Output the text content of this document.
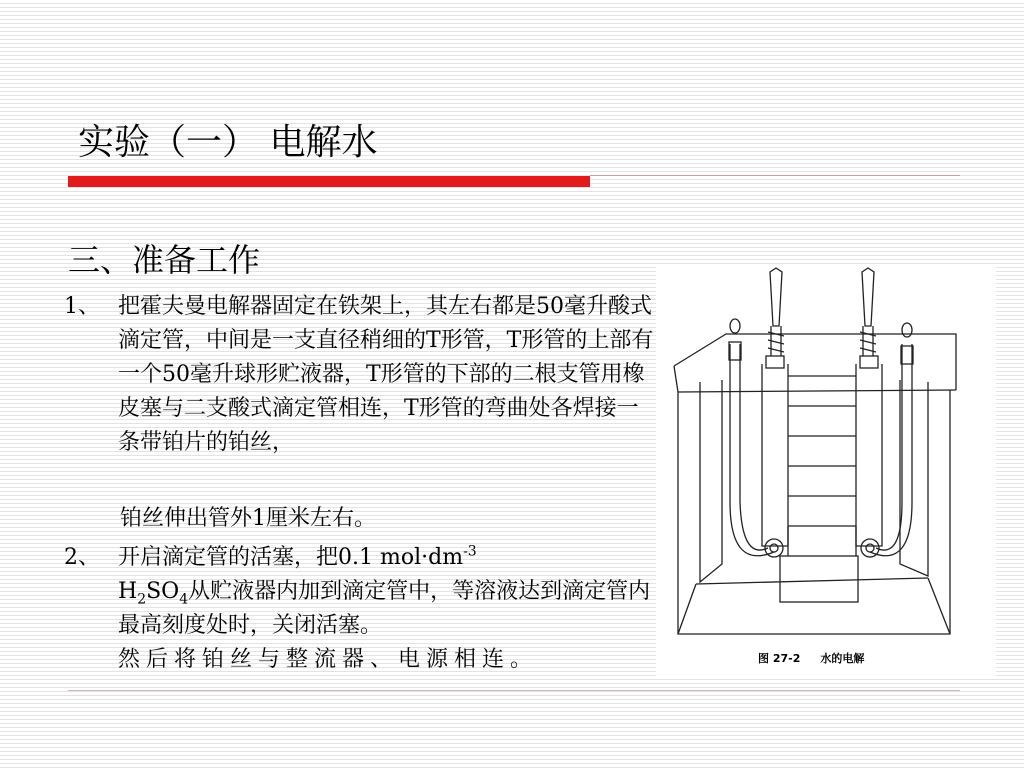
实验（一） 电解水
三、准备工作
1、 把霍夫曼电解器固定在铁架上，其左右都是50毫升酸式滴定管，中间是一支直径稍细的T形管，T形管的上部有一个50毫升球形贮液器，T形管的下部的二根支管用橡皮塞与二支酸式滴定管相连，T形管的弯曲处各焊接一条带铂片的铂丝，
铂丝伸出管外1厘米左右。
2、 开启滴定管的活塞，把0.1 $mol\cdot dm^{-3}$
$H_2SO_4$从贮液器内加到滴定管中，等溶液达到滴定管内最高刻度处时，关闭活塞。
然后将铂丝与整流器、电源相连。	图 27-2 水的电解
